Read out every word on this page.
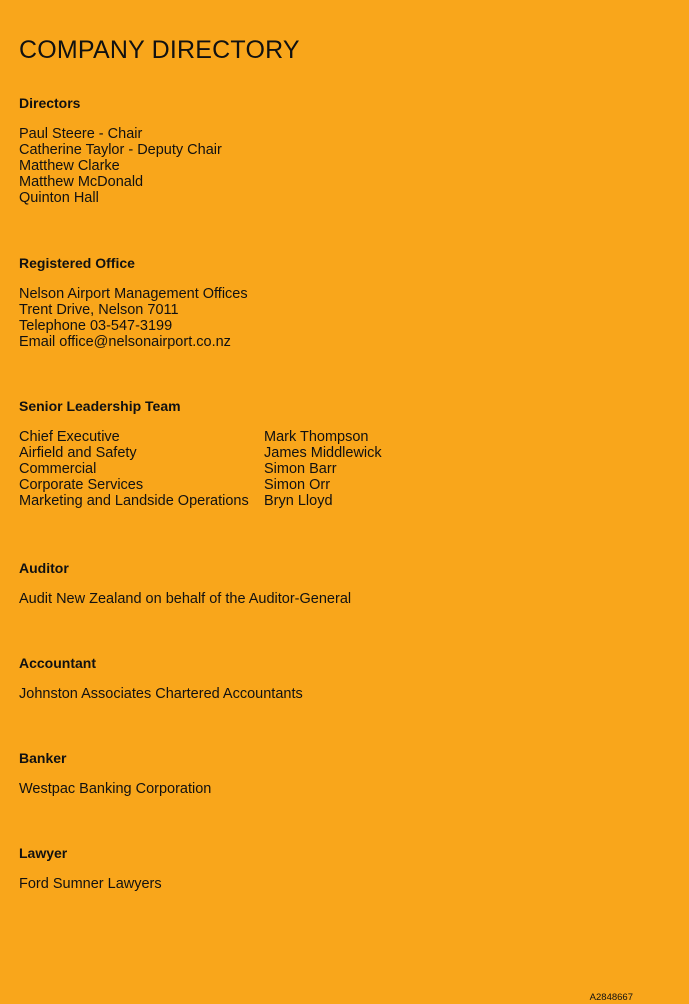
COMPANY DIRECTORY
Directors
Paul Steere - Chair
Catherine Taylor - Deputy Chair
Matthew Clarke
Matthew McDonald
Quinton Hall
Registered Office
Nelson Airport Management Offices
Trent Drive, Nelson 7011
Telephone 03-547-3199
Email office@nelsonairport.co.nz
Senior Leadership Team
Chief Executive	Mark Thompson
Airfield and Safety	James Middlewick
Commercial	Simon Barr
Corporate Services	Simon Orr
Marketing and Landside Operations	Bryn Lloyd
Auditor
Audit New Zealand on behalf of the Auditor-General
Accountant
Johnston Associates Chartered Accountants
Banker
Westpac Banking Corporation
Lawyer
Ford Sumner Lawyers
A2848667
